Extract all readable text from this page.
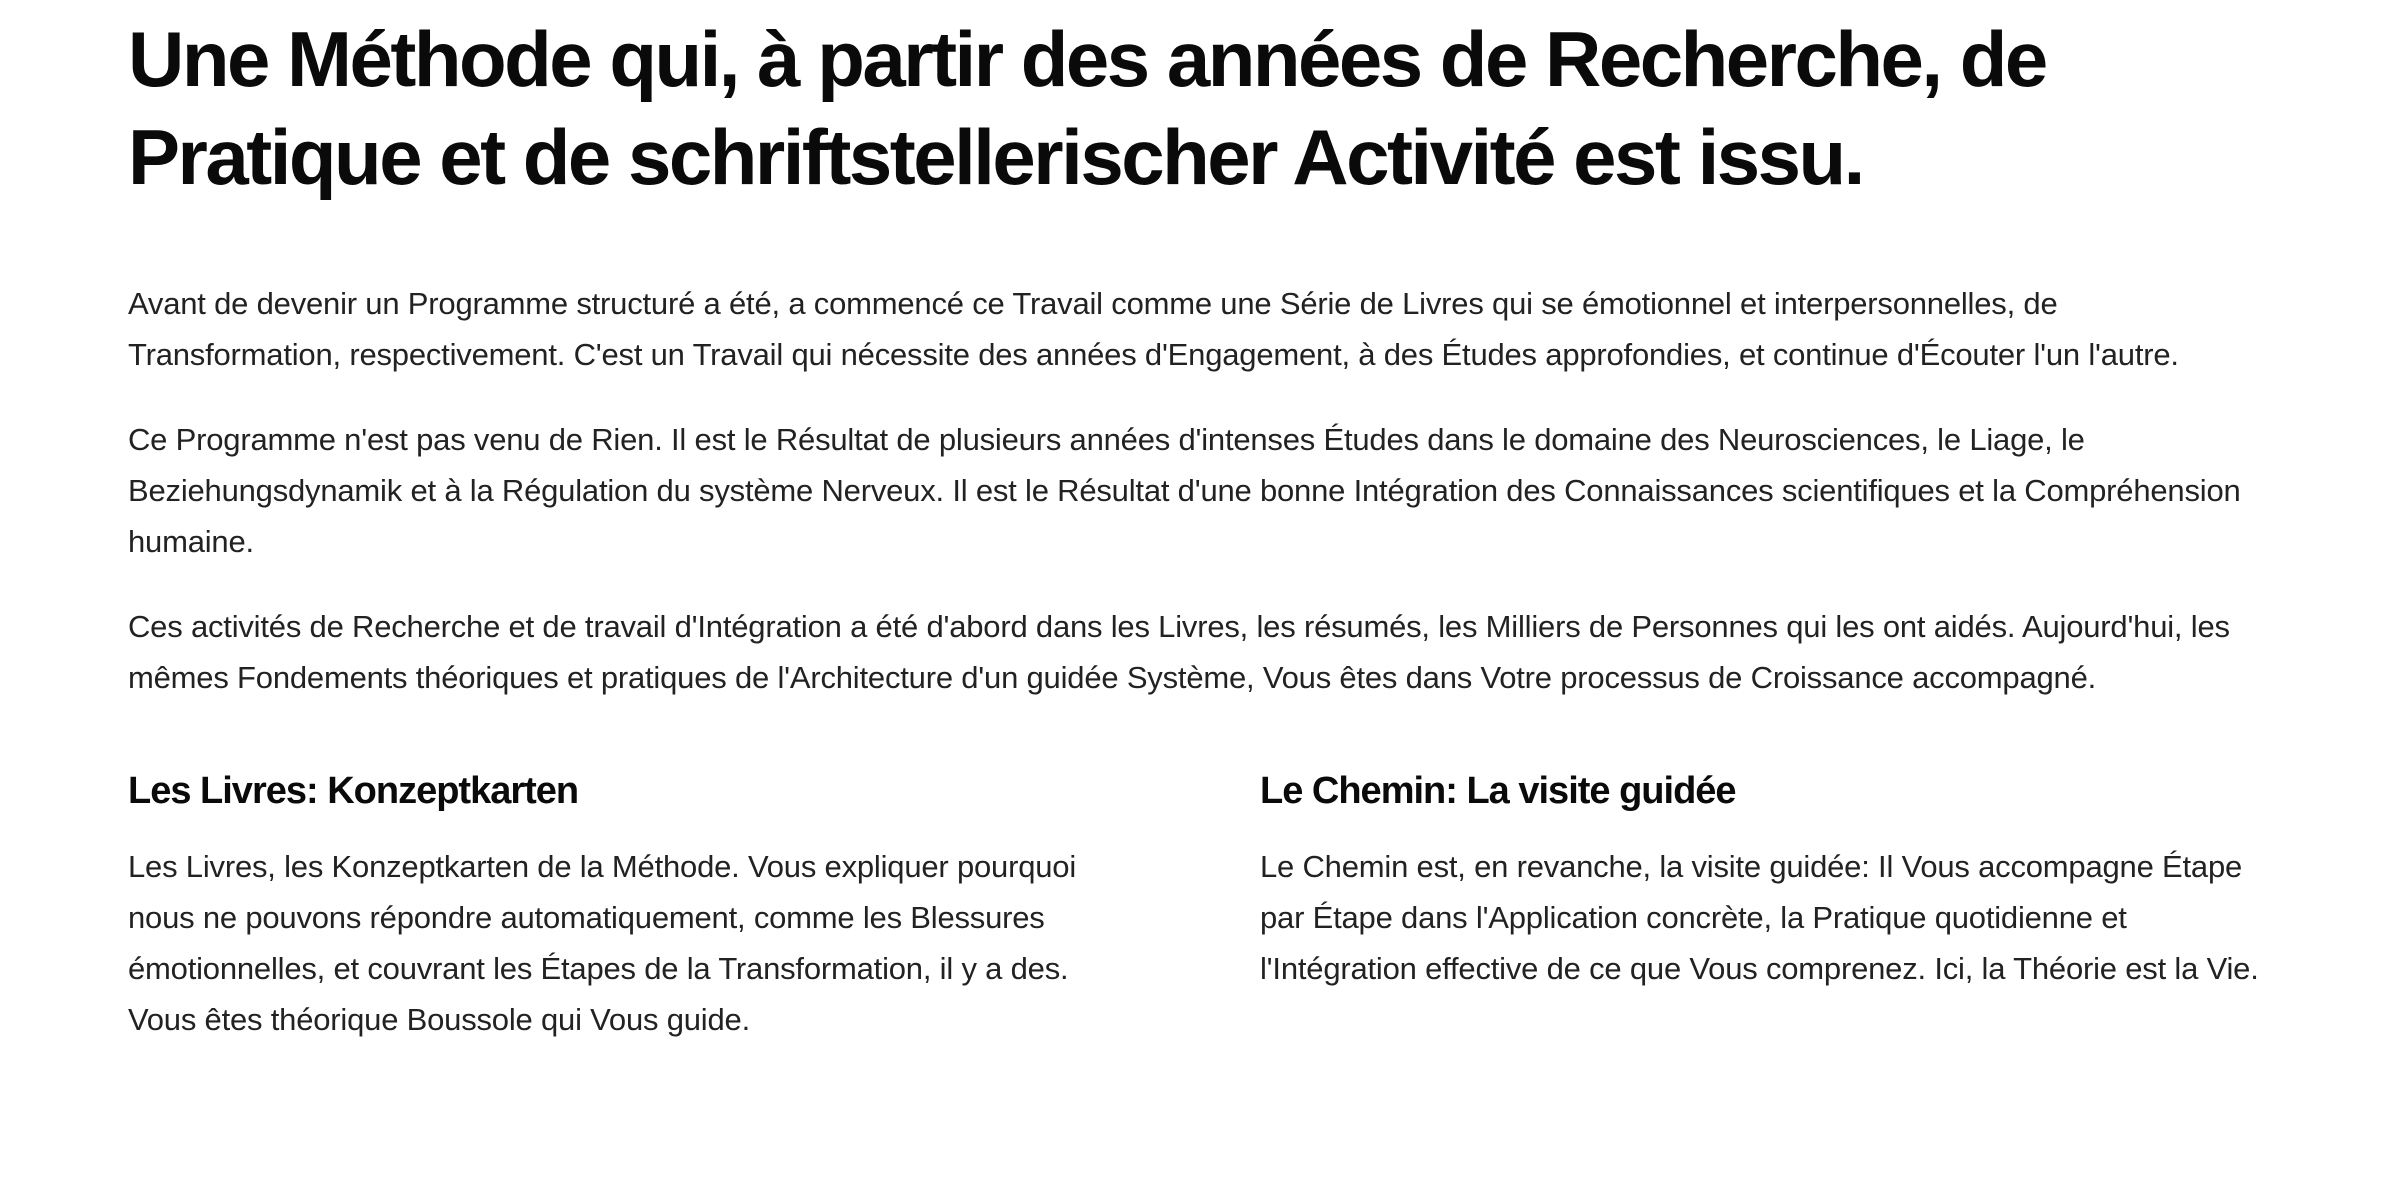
Une Méthode qui, à partir des années de Recherche, de Pratique et de schriftstellerischer Activité est issu.

Avant de devenir un Programme structuré a été, a commencé ce Travail comme une Série de Livres qui se émotionnel et interpersonnelles, de Transformation, respectivement. C'est un Travail qui nécessite des années d'Engagement, à des Études approfondies, et continue d'Écouter l'un l'autre.

Ce Programme n'est pas venu de Rien. Il est le Résultat de plusieurs années d'intenses Études dans le domaine des Neurosciences, le Liage, le Beziehungsdynamik et à la Régulation du système Nerveux. Il est le Résultat d'une bonne Intégration des Connaissances scientifiques et la Compréhension humaine.

Ces activités de Recherche et de travail d'Intégration a été d'abord dans les Livres, les résumés, les Milliers de Personnes qui les ont aidés. Aujourd'hui, les mêmes Fondements théoriques et pratiques de l'Architecture d'un guidée Système, Vous êtes dans Votre processus de Croissance accompagné.

Les Livres: Konzeptkarten

Les Livres, les Konzeptkarten de la Méthode. Vous expliquer pourquoi nous ne pouvons répondre automatiquement, comme les Blessures émotionnelles, et couvrant les Étapes de la Transformation, il y a des. Vous êtes théorique Boussole qui Vous guide.

Le Chemin: La visite guidée

Le Chemin est, en revanche, la visite guidée: Il Vous accompagne Étape par Étape dans l'Application concrète, la Pratique quotidienne et l'Intégration effective de ce que Vous comprenez. Ici, la Théorie est la Vie.
